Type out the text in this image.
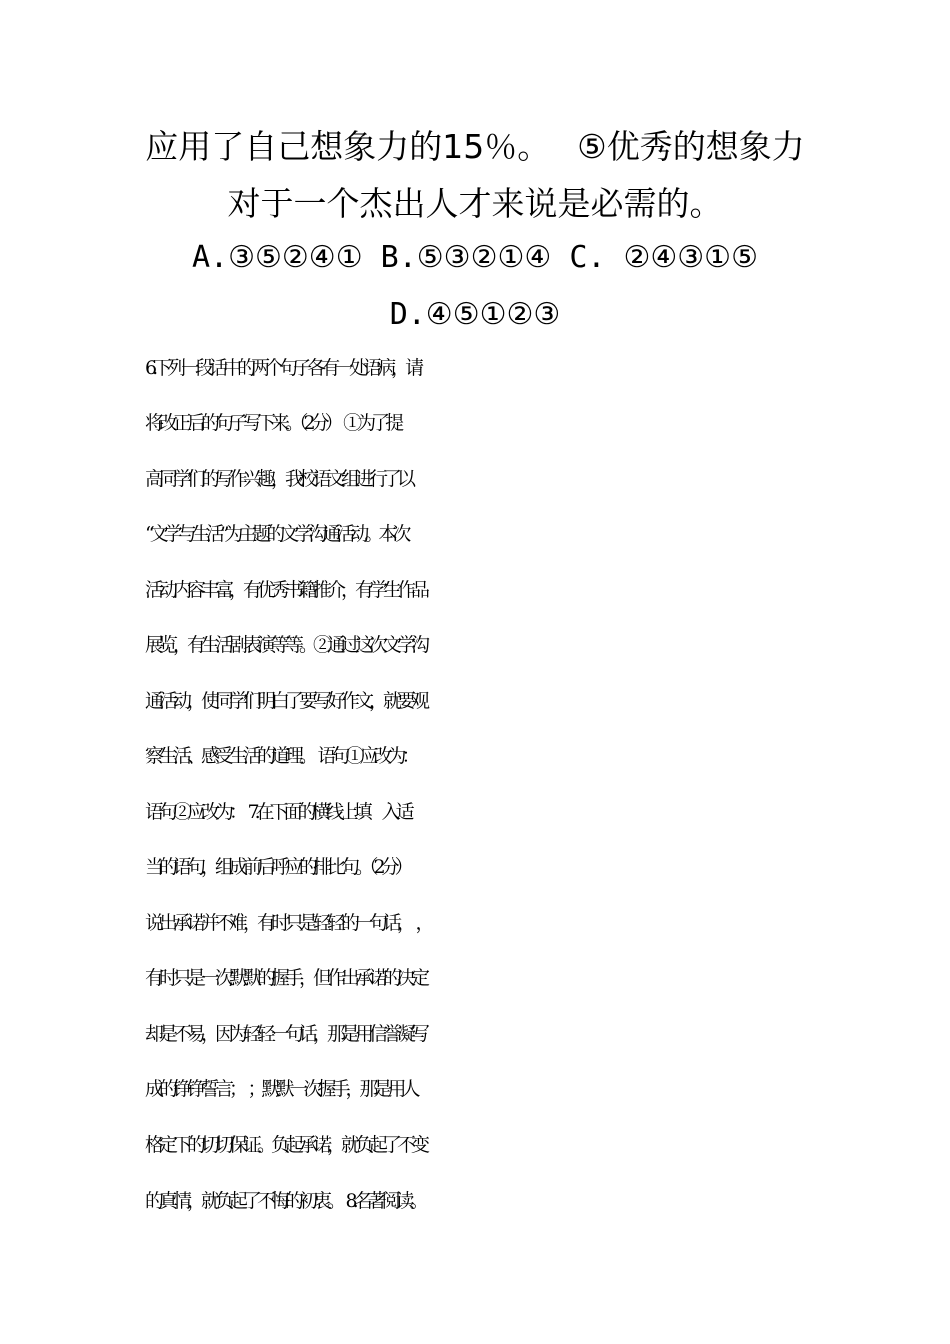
应用了自己想象力的15％。　 ⑤优秀的想象力
对于一个杰出人才来说是必需的。
A.③⑤②④① B.⑤③②①④ C. ②④③①⑤
D.④⑤①②③
6.下列一段话中的两个句子各有一处语病，请
将改正后的句子写下来。（2分）　①为了提
高同学们的写作兴趣，我校语文组进行了以
“文学与生活”为主题的文学沟通活动。本次
活动内容丰富，有优秀书籍推介，有学生作品
展览，有生活剧表演等等。②通过这次文学沟
通活动，使同学们明白了要写好作文，就要观
察生活、感受生活的道理。　语句①应改为：
语句②应改为：　7.在下面的横线上填　入适
当的语句，组成前后呼应的排比句。（2分）
说出承诺并不难，有时只是轻轻的一句话，　，
有时只是一次默默的握手，但作出承诺的决定
却是不易，因为轻轻一句话，那是用信誉凝写
成的铮铮誓言；　；默默一次握手，那是用人
格定下的切切保证。负起承诺，就负起了不变
的真情，就负起了不悔的初衷。　8.名著阅读。
